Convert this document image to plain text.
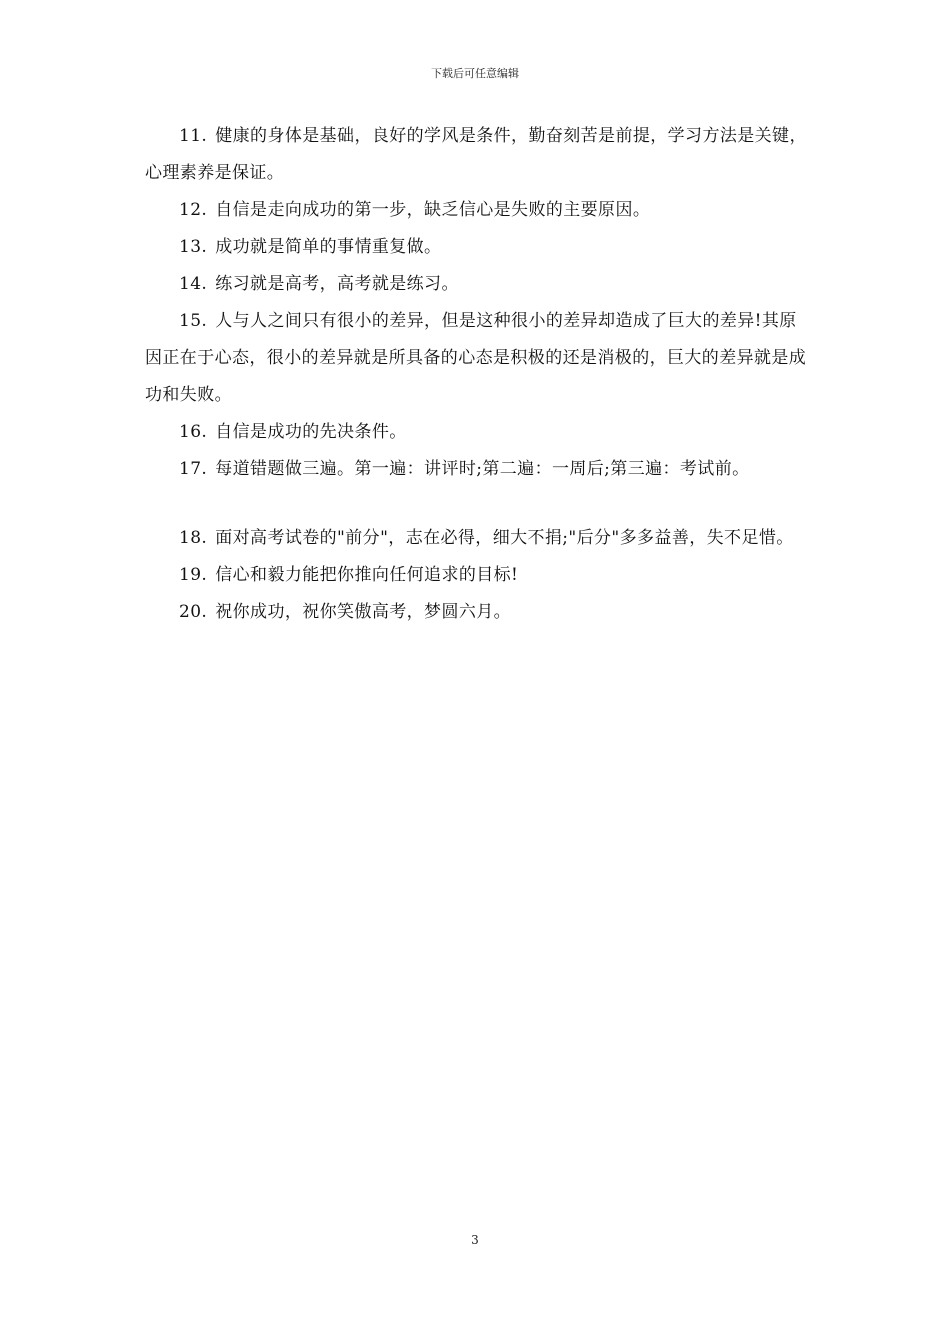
下载后可任意编辑

11. 健康的身体是基础，良好的学风是条件，勤奋刻苦是前提，学习方法是关键，心理素养是保证。

12. 自信是走向成功的第一步，缺乏信心是失败的主要原因。

13. 成功就是简单的事情重复做。

14. 练习就是高考，高考就是练习。

15. 人与人之间只有很小的差异，但是这种很小的差异却造成了巨大的差异!其原因正在于心态，很小的差异就是所具备的心态是积极的还是消极的，巨大的差异就是成功和失败。

16. 自信是成功的先决条件。

17. 每道错题做三遍。第一遍：讲评时;第二遍：一周后;第三遍：考试前。

18. 面对高考试卷的"前分"，志在必得，细大不捐;"后分"多多益善，失不足惜。

19. 信心和毅力能把你推向任何追求的目标!

20. 祝你成功，祝你笑傲高考，梦圆六月。

3
